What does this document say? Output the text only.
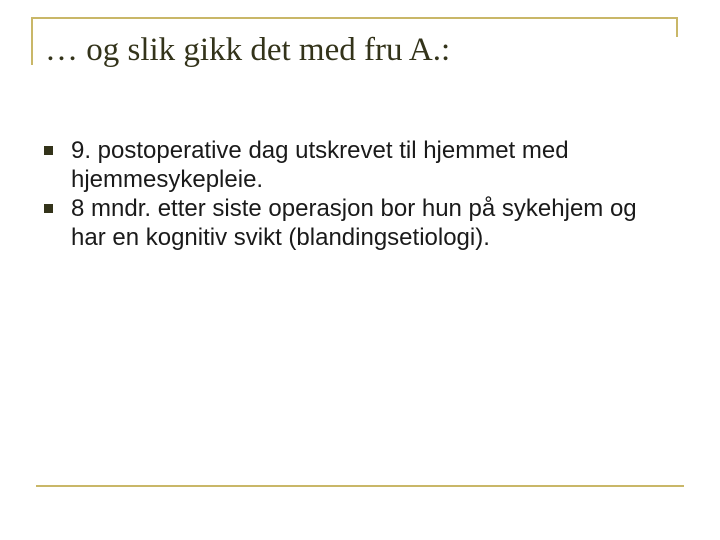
… og slik gikk det med fru A.:
9. postoperative dag utskrevet til hjemmet med hjemmesykepleie.
8 mndr. etter siste operasjon bor hun på sykehjem og har en kognitiv svikt (blandingsetiologi).
